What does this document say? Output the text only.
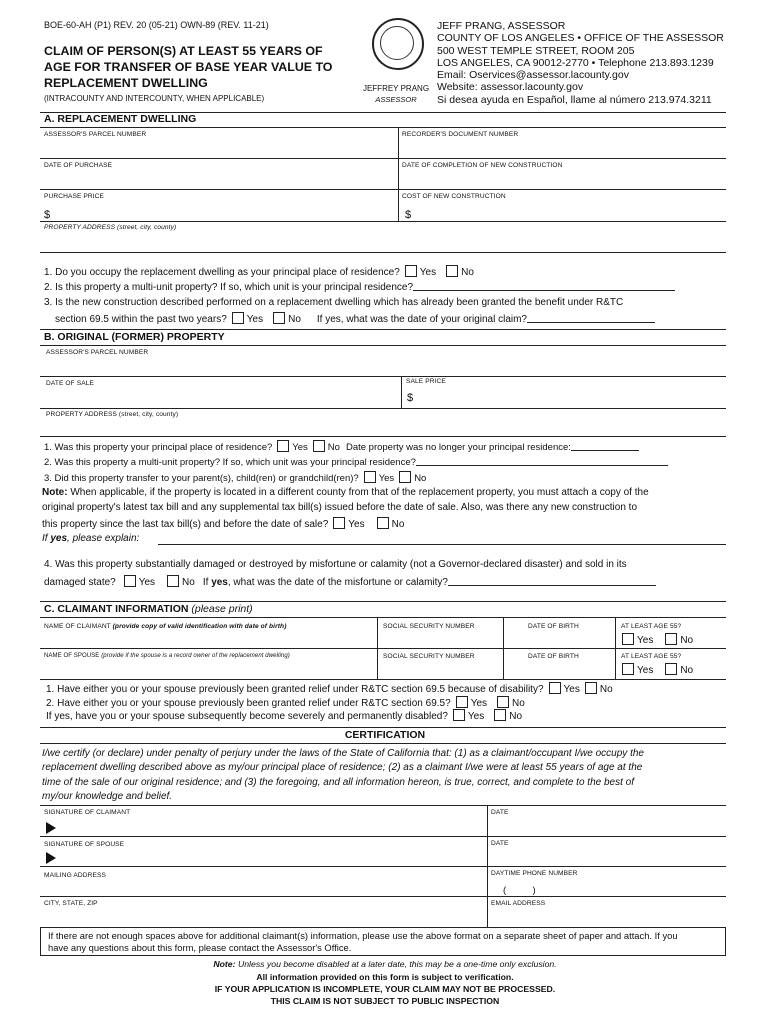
BOE-60-AH (P1) REV. 20 (05-21) OWN-89 (REV. 11-21)
CLAIM OF PERSON(S) AT LEAST 55 YEARS OF
AGE FOR TRANSFER OF BASE YEAR VALUE TO
REPLACEMENT DWELLING
(INTRACOUNTY AND INTERCOUNTY, WHEN APPLICABLE)
JEFFREY PRANG
ASSESSOR
JEFF PRANG, ASSESSOR
COUNTY OF LOS ANGELES • OFFICE OF THE ASSESSOR
500 WEST TEMPLE STREET, ROOM 205
LOS ANGELES, CA 90012-2770 • Telephone 213.893.1239
Email: Oservices@assessor.lacounty.gov
Website: assessor.lacounty.gov
Si desea ayuda en Español, llame al número 213.974.3211
A. REPLACEMENT DWELLING
ASSESSOR'S PARCEL NUMBER	RECORDER'S DOCUMENT NUMBER
DATE OF PURCHASE	DATE OF COMPLETION OF NEW CONSTRUCTION
PURCHASE PRICE	COST OF NEW CONSTRUCTION
$	$
PROPERTY ADDRESS (street, city, county)
1. Do you occupy the replacement dwelling as your principal place of residence? Yes	No
2. Is this property a multi-unit property? If so, which unit is your principal residence?
3. Is the new construction described performed on a replacement dwelling which has already been granted the benefit under R&TC
section 69.5 within the past two years? Yes	No If yes, what was the date of your original claim?
B. ORIGINAL (FORMER) PROPERTY
ASSESSOR'S PARCEL NUMBER
DATE OF SALE	SALE PRICE
$
PROPERTY ADDRESS (street, city, county)
1. Was this property your principal place of residence? Yes No Date property was no longer your principal residence:
2. Was this property a multi-unit property? If so, which unit was your principal residence?
3. Did this property transfer to your parent(s), child(ren) or grandchild(ren)? Yes No
Note: When applicable, if the property is located in a different county from that of the replacement property, you must attach a copy of the
original property's latest tax bill and any supplemental tax bill(s) issued before the date of sale. Also, was there any new construction to
this property since the last tax bill(s) and before the date of sale? Yes	No
If yes, please explain:
4. Was this property substantially damaged or destroyed by misfortune or calamity (not a Governor-declared disaster) and sold in its
damaged state? Yes	No If yes, what was the date of the misfortune or calamity?
C. CLAIMANT INFORMATION (please print)
NAME OF CLAIMANT (provide copy of valid identification with date of birth)	SOCIAL SECURITY NUMBER	DATE OF BIRTH	AT LEAST AGE 55?
Yes	No
NAME OF SPOUSE (provide if the spouse is a record owner of the replacement dwelling)	SOCIAL SECURITY NUMBER	DATE OF BIRTH	AT LEAST AGE 55?
Yes	No
1. Have either you or your spouse previously been granted relief under R&TC section 69.5 because of disability? Yes No
2. Have either you or your spouse previously been granted relief under R&TC section 69.5? Yes	No
If yes, have you or your spouse subsequently become severely and permanently disabled? Yes	No
CERTIFICATION
I/we certify (or declare) under penalty of perjury under the laws of the State of California that: (1) as a claimant/occupant I/we occupy the
replacement dwelling described above as my/our principal place of residence; (2) as a claimant I/we were at least 55 years of age at the
time of the sale of our original residence; and (3) the foregoing, and all information hereon, is true, correct, and complete to the best of
my/our knowledge and belief.
SIGNATURE OF CLAIMANT	DATE
SIGNATURE OF SPOUSE	DATE
MAILING ADDRESS	DAYTIME PHONE NUMBER
(          )
CITY, STATE, ZIP	EMAIL ADDRESS
If there are not enough spaces above for additional claimant(s) information, please use the above format on a separate sheet of paper and attach. If you
have any questions about this form, please contact the Assessor's Office.
Note: Unless you become disabled at a later date, this may be a one-time only exclusion.
All information provided on this form is subject to verification.
IF YOUR APPLICATION IS INCOMPLETE, YOUR CLAIM MAY NOT BE PROCESSED.
THIS CLAIM IS NOT SUBJECT TO PUBLIC INSPECTION
